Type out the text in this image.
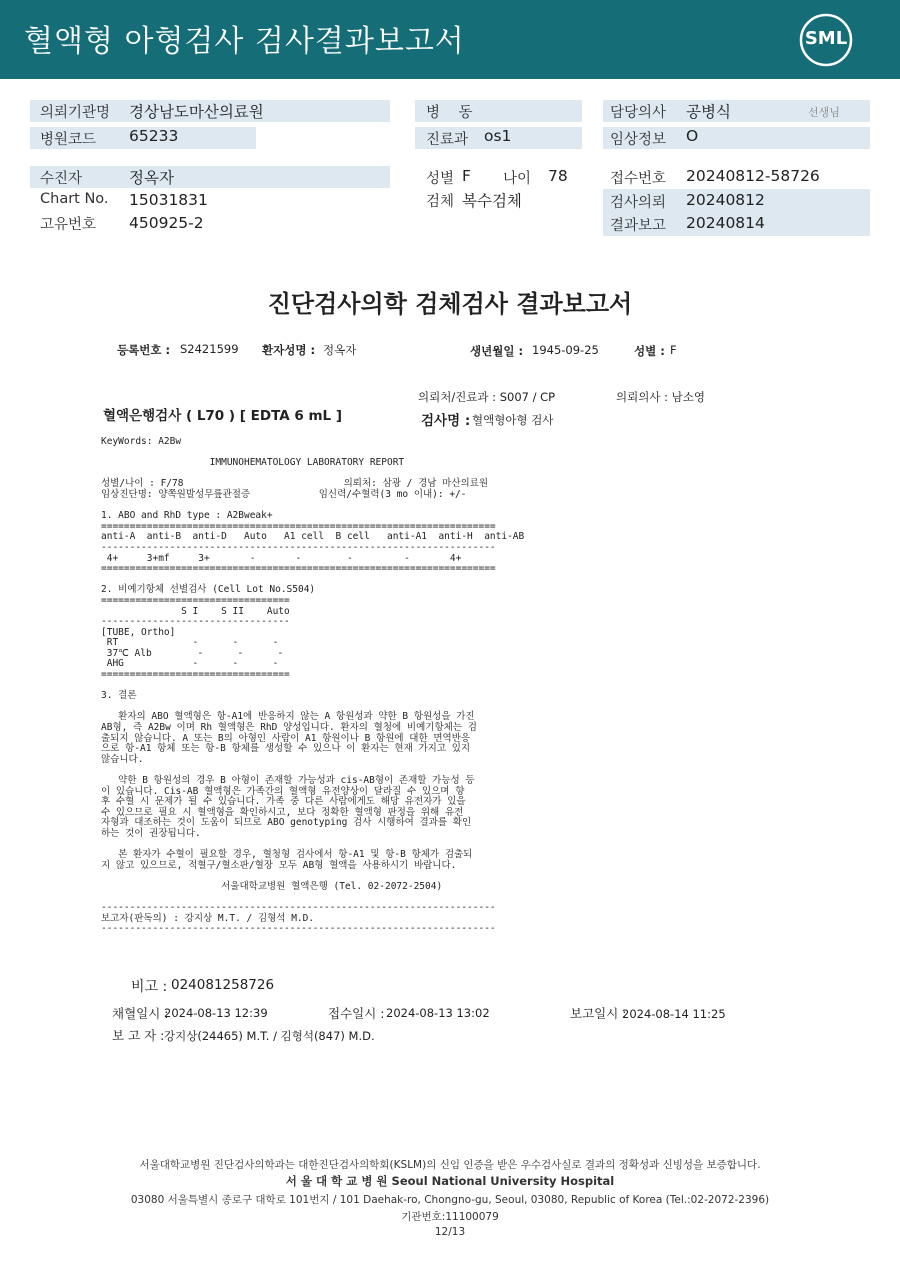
혈액형 아형검사 검사결과보고서	SML
의뢰기관명 경상남도마산의료원
병원코드 65233
병    동
진료과 os1
담당의사 공병식	선생님
임상정보 O
수진자	정옥자
Chart No. 15031831
고유번호 450925-2
성별 F 나이 78
검체 복수검체
접수번호 20240812-58726
검사의뢰 20240812
결과보고 20240814
진단검사의학 검체검사 결과보고서
등록번호 : S2421599 환자성명 : 정옥자	생년월일 : 1945-09-25	성별 : F
의뢰처/진료과 : S007 / CP	의뢰의사 : 남소영
혈액은행검사 ( L70 ) [ EDTA 6 mL ]	검사명 : 혈액형아형 검사
KeyWords: A2Bw

IMMUNOHEMATOLOGY LABORATORY REPORT

성별/나이 : F/78                            의뢰처: 삼광 / 경남 마산의료원
임상진단명: 양쪽원발성무릎관절증            임신력/수혈력(3 mo 이내): +/-

1. ABO and RhD type : A2Bweak+
=====================================================================
anti-A  anti-B  anti-D   Auto   A1 cell  B cell   anti-A1  anti-H  anti-AB
---------------------------------------------------------------------
4+     3+mf     3+       -       -        -         -       4+
=====================================================================

2. 비예기항체 선별검사 (Cell Lot No.S504)
=================================
S I    S II    Auto
---------------------------------
[TUBE, Ortho]
RT             -      -      -
37℃ Alb        -      -      -
AHG            -      -      -
=================================

3. 결론

환자의 ABO 혈액형은 항-A1에 반응하지 않는 A 항원성과 약한 B 항원성을 가진
AB형, 즉 A2Bw 이며 Rh 혈액형은 RhD 양성입니다. 환자의 혈청에 비예기항체는 검
출되지 않습니다. A 또는 B의 아형인 사람이 A1 항원이나 B 항원에 대한 면역반응
으로 항-A1 항체 또는 항-B 항체를 생성할 수 있으나 이 환자는 현재 가지고 있지
않습니다.

약한 B 항원성의 경우 B 아형이 존재할 가능성과 cis-AB형이 존재할 가능성 등
이 있습니다. Cis-AB 혈액형은 가족간의 혈액형 유전양상이 달라질 수 있으며 향
후 수혈 시 문제가 될 수 있습니다. 가족 중 다른 사람에게도 해당 유전자가 있을
수 있으므로 필요 시 혈액형을 확인하시고, 보다 정확한 혈액형 판정을 위해 유전
자형과 대조하는 것이 도움이 되므로 ABO genotyping 검사 시행하여 결과를 확인
하는 것이 권장됩니다.

본 환자가 수혈이 필요할 경우, 혈청형 검사에서 항-A1 및 항-B 항체가 검출되
지 않고 있으므로, 적혈구/혈소판/혈장 모두 AB형 혈액을 사용하시기 바랍니다.

서울대학교병원 혈액은행 (Tel. 02-2072-2504)

---------------------------------------------------------------------
보고자(판독의) : 강지상 M.T. / 김형석 M.D.
---------------------------------------------------------------------
비고 : 024081258726
채혈일시 :
2024-08-13 12:39	접수일시 : 2024-08-13 13:02	보고일시 :
2024-08-14 11:25
보 고 자 : 강지상(24465) M.T. / 김형석(847) M.D.
서울대학교병원 진단검사의학과는 대한진단검사의학회(KSLM)의 신임 인증을 받은 우수검사실로 결과의 정확성과 신빙성을 보증합니다.
서 울 대 학 교 병 원 Seoul National University Hospital
03080 서울특별시 종로구 대학로 101번지 / 101 Daehak-ro, Chongno-gu, Seoul, 03080, Republic of Korea (Tel.:02-2072-2396)
기관번호:11100079
12/13
